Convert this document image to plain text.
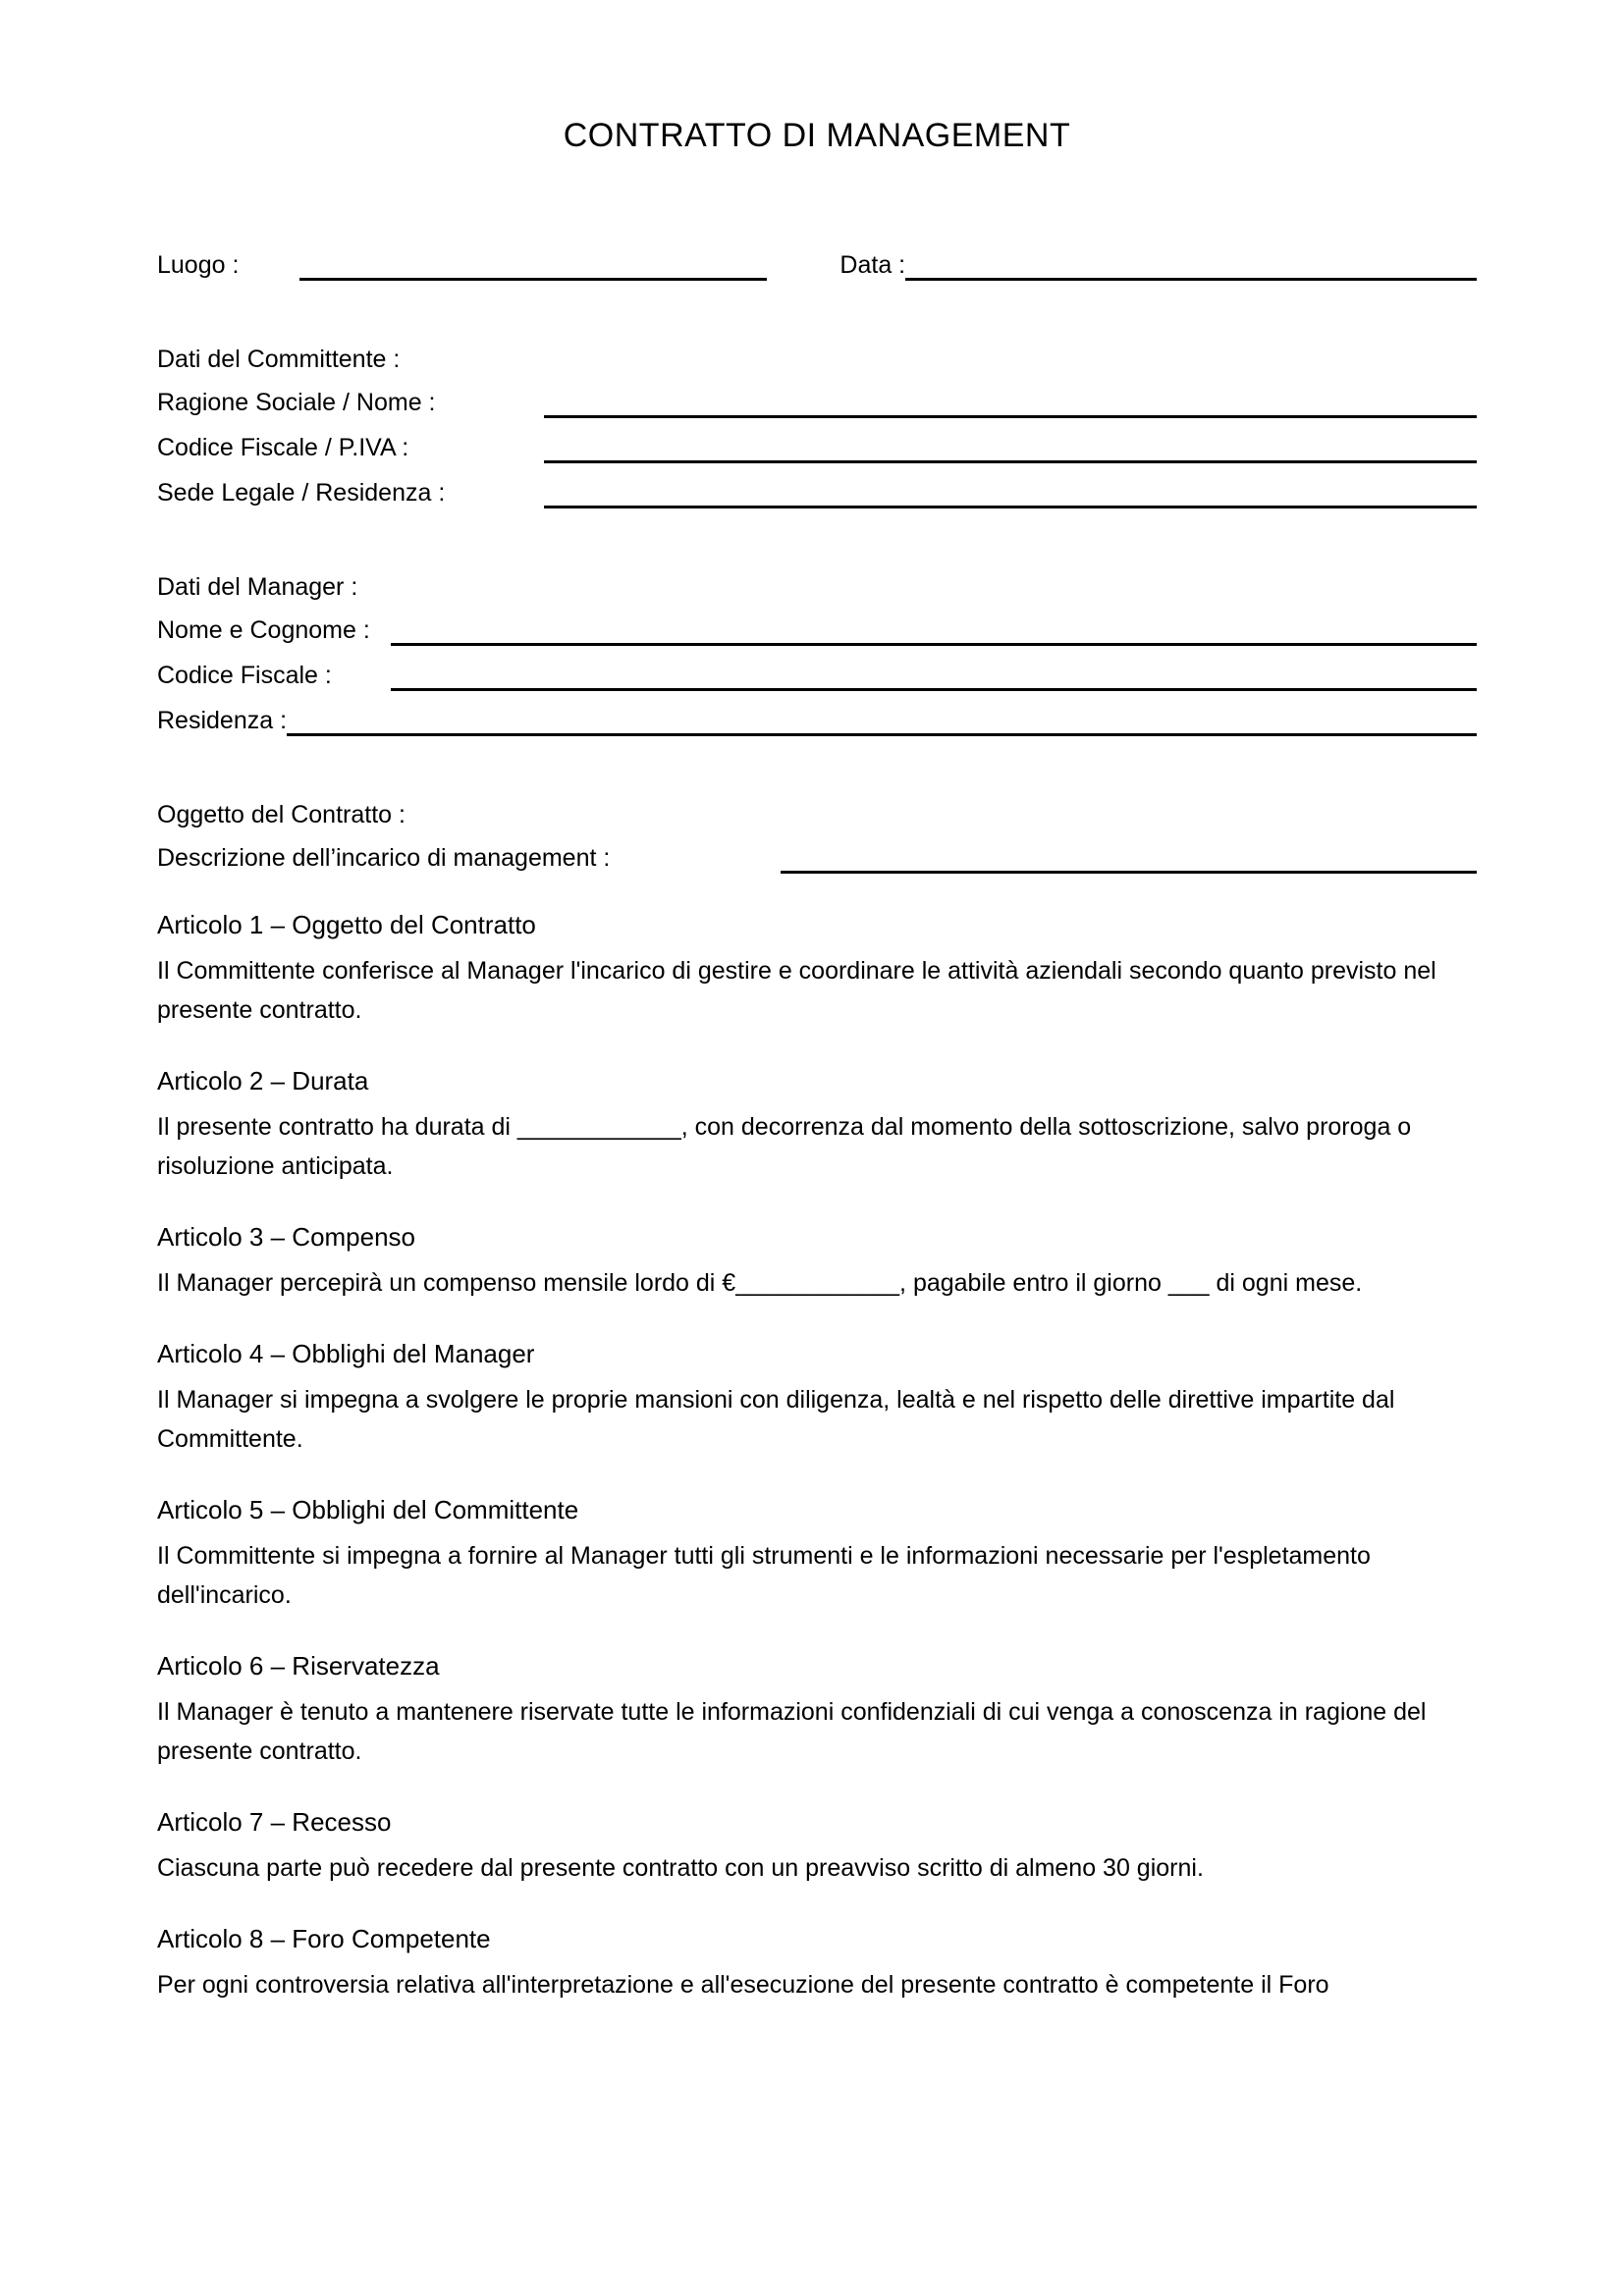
CONTRATTO DI MANAGEMENT
Luogo :	Data :
Dati del Committente :
Ragione Sociale / Nome :
Codice Fiscale / P.IVA :
Sede Legale / Residenza :
Dati del Manager :
Nome e Cognome :
Codice Fiscale :
Residenza :
Oggetto del Contratto :
Descrizione dell’incarico di management :
Articolo 1 – Oggetto del Contratto

Il Committente conferisce al Manager l'incarico di gestire e coordinare le attività aziendali secondo quanto previsto nel presente contratto.

Articolo 2 – Durata

Il presente contratto ha durata di ____________, con decorrenza dal momento della sottoscrizione, salvo proroga o risoluzione anticipata.

Articolo 3 – Compenso

Il Manager percepirà un compenso mensile lordo di €____________, pagabile entro il giorno ___ di ogni mese.

Articolo 4 – Obblighi del Manager

Il Manager si impegna a svolgere le proprie mansioni con diligenza, lealtà e nel rispetto delle direttive impartite dal Committente.

Articolo 5 – Obblighi del Committente

Il Committente si impegna a fornire al Manager tutti gli strumenti e le informazioni necessarie per l'espletamento dell'incarico.

Articolo 6 – Riservatezza

Il Manager è tenuto a mantenere riservate tutte le informazioni confidenziali di cui venga a conoscenza in ragione del presente contratto.

Articolo 7 – Recesso

Ciascuna parte può recedere dal presente contratto con un preavviso scritto di almeno 30 giorni.

Articolo 8 – Foro Competente

Per ogni controversia relativa all'interpretazione e all'esecuzione del presente contratto è competente il Foro
